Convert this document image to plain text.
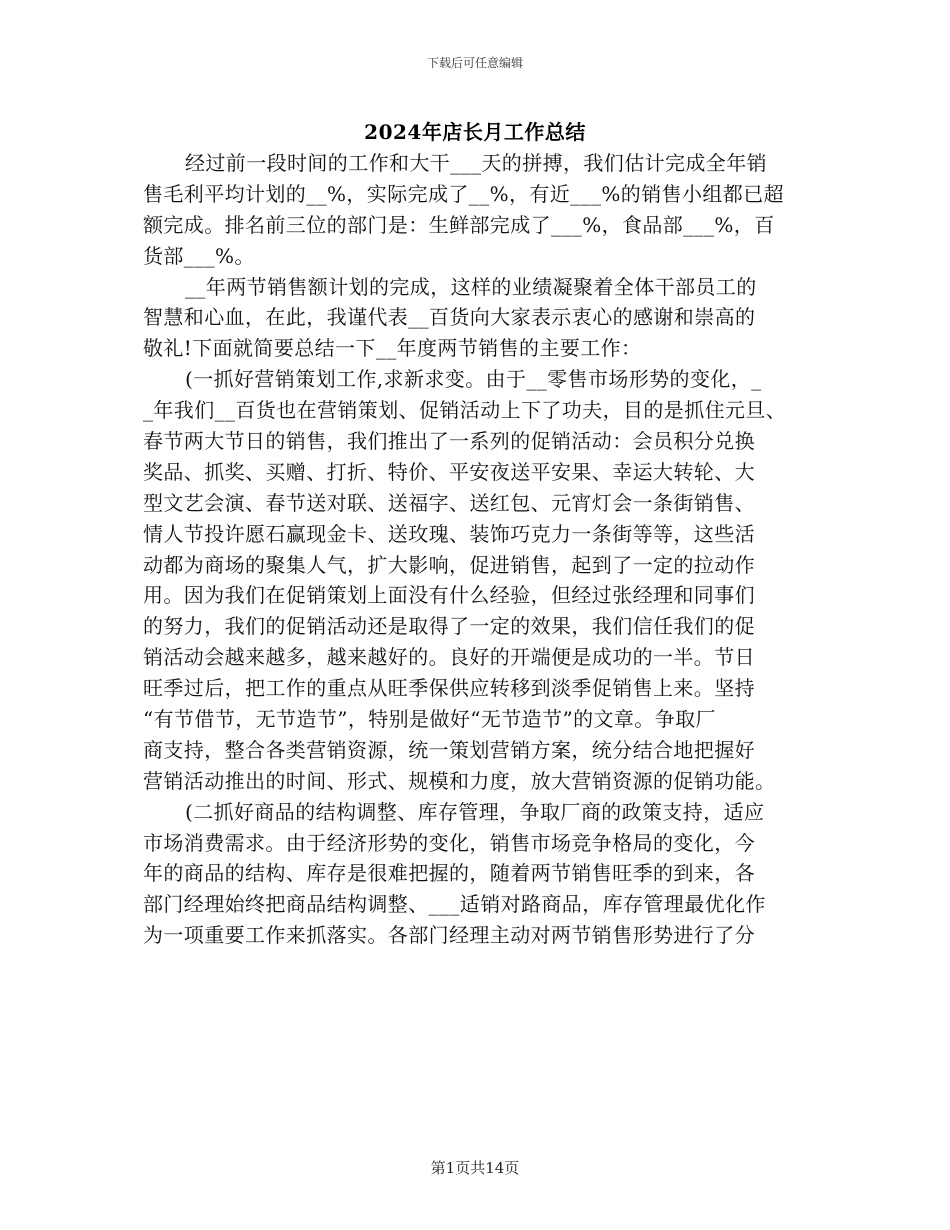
下载后可任意编辑
2024年店长月工作总结
经过前一段时间的工作和大干___天的拼搏，我们估计完成全年销
售毛利平均计划的__%，实际完成了__%，有近___%的销售小组都已超
额完成。排名前三位的部门是：生鲜部完成了___%，食品部___%，百
货部___%。
__年两节销售额计划的完成，这样的业绩凝聚着全体干部员工的
智慧和心血，在此，我谨代表__百货向大家表示衷心的感谢和崇高的
敬礼!下面就简要总结一下__年度两节销售的主要工作：
(一抓好营销策划工作,求新求变。由于__零售市场形势的变化，_
_年我们__百货也在营销策划、促销活动上下了功夫，目的是抓住元旦、
春节两大节日的销售，我们推出了一系列的促销活动：会员积分兑换
奖品、抓奖、买赠、打折、特价、平安夜送平安果、幸运大转轮、大
型文艺会演、春节送对联、送福字、送红包、元宵灯会一条街销售、
情人节投许愿石赢现金卡、送玫瑰、装饰巧克力一条街等等，这些活
动都为商场的聚集人气，扩大影响，促进销售，起到了一定的拉动作
用。因为我们在促销策划上面没有什么经验，但经过张经理和同事们
的努力，我们的促销活动还是取得了一定的效果，我们信任我们的促
销活动会越来越多，越来越好的。良好的开端便是成功的一半。节日
旺季过后，把工作的重点从旺季保供应转移到淡季促销售上来。坚持
“有节借节，无节造节”，特别是做好“无节造节”的文章。争取厂
商支持，整合各类营销资源，统一策划营销方案，统分结合地把握好
营销活动推出的时间、形式、规模和力度，放大营销资源的促销功能。
(二抓好商品的结构调整、库存管理，争取厂商的政策支持，适应
市场消费需求。由于经济形势的变化，销售市场竞争格局的变化，今
年的商品的结构、库存是很难把握的，随着两节销售旺季的到来，各
部门经理始终把商品结构调整、___适销对路商品，库存管理最优化作
为一项重要工作来抓落实。各部门经理主动对两节销售形势进行了分
第1页共14页
